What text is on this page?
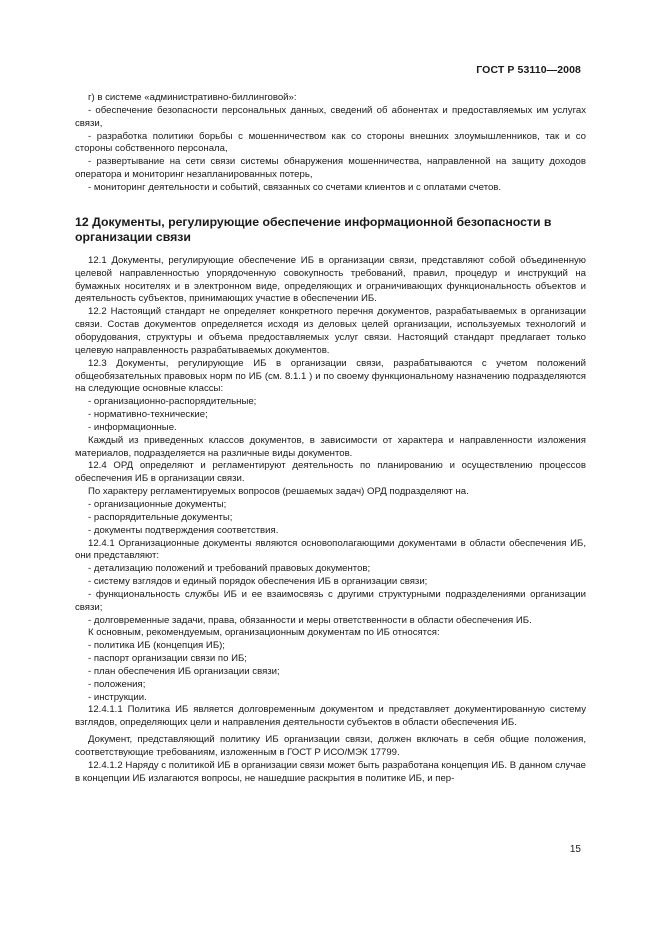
ГОСТ Р 53110—2008

г) в системе «административно-биллинговой»:

- обеспечение безопасности персональных данных, сведений об абонентах и предоставляемых им услугах связи,

- разработка политики борьбы с мошенничеством как со стороны внешних злоумышленников, так и со стороны собственного персонала,

- развертывание на сети связи системы обнаружения мошенничества, направленной на защиту доходов оператора и мониторинг незапланированных потерь,

- мониторинг деятельности и событий, связанных со счетами клиентов и с оплатами счетов.

12 Документы, регулирующие обеспечение информационной безопасности в организации связи

12.1 Документы, регулирующие обеспечение ИБ в организации связи, представляют собой объединенную целевой направленностью упорядоченную совокупность требований, правил, процедур и инструкций на бумажных носителях и в электронном виде, определяющих и ограничивающих функциональность объектов и деятельность субъектов, принимающих участие в обеспечении ИБ.

12.2 Настоящий стандарт не определяет конкретного перечня документов, разрабатываемых в организации связи. Состав документов определяется исходя из деловых целей организации, используемых технологий и оборудования, структуры и объема предоставляемых услуг связи. Настоящий стандарт предлагает только целевую направленность разрабатываемых документов.

12.3 Документы, регулирующие ИБ в организации связи, разрабатываются с учетом положений общеобязательных правовых норм по ИБ (см. 8.1.1 ) и по своему функциональному назначению подразделяются на следующие основные классы:

- организационно-распорядительные;

- нормативно-технические;

- информационные.

Каждый из приведенных классов документов, в зависимости от характера и направленности изложения материалов, подразделяется на различные виды документов.

12.4 ОРД определяют и регламентируют деятельность по планированию и осуществлению процессов обеспечения ИБ в организации связи.

По характеру регламентируемых вопросов (решаемых задач) ОРД подразделяют на.

- организационные документы;

- распорядительные документы;

- документы подтверждения соответствия.

12.4.1 Организационные документы являются основополагающими документами в области обеспечения ИБ, они представляют:

- детализацию положений и требований правовых документов;

- систему взглядов и единый порядок обеспечения ИБ в организации связи;

- функциональность службы ИБ и ее взаимосвязь с другими структурными подразделениями организации связи;

- долговременные задачи, права, обязанности и меры ответственности в области обеспечения ИБ.

К основным, рекомендуемым, организационным документам по ИБ относятся:

- политика ИБ (концепция ИБ);

- паспорт организации связи по ИБ;

- план обеспечения ИБ организации связи;

- положения;

- инструкции.

12.4.1.1 Политика ИБ является долговременным документом и представляет документированную систему взглядов, определяющих цели и направления деятельности субъектов в области обеспечения ИБ.

Документ, представляющий политику ИБ организации связи, должен включать в себя общие положения, соответствующие требованиям, изложенным в ГОСТ Р ИСО/МЭК 17799.

12.4.1.2 Наряду с политикой ИБ в организации связи может быть разработана концепция ИБ. В данном случае в концепции ИБ излагаются вопросы, не нашедшие раскрытия в политике ИБ, и пер-

15
